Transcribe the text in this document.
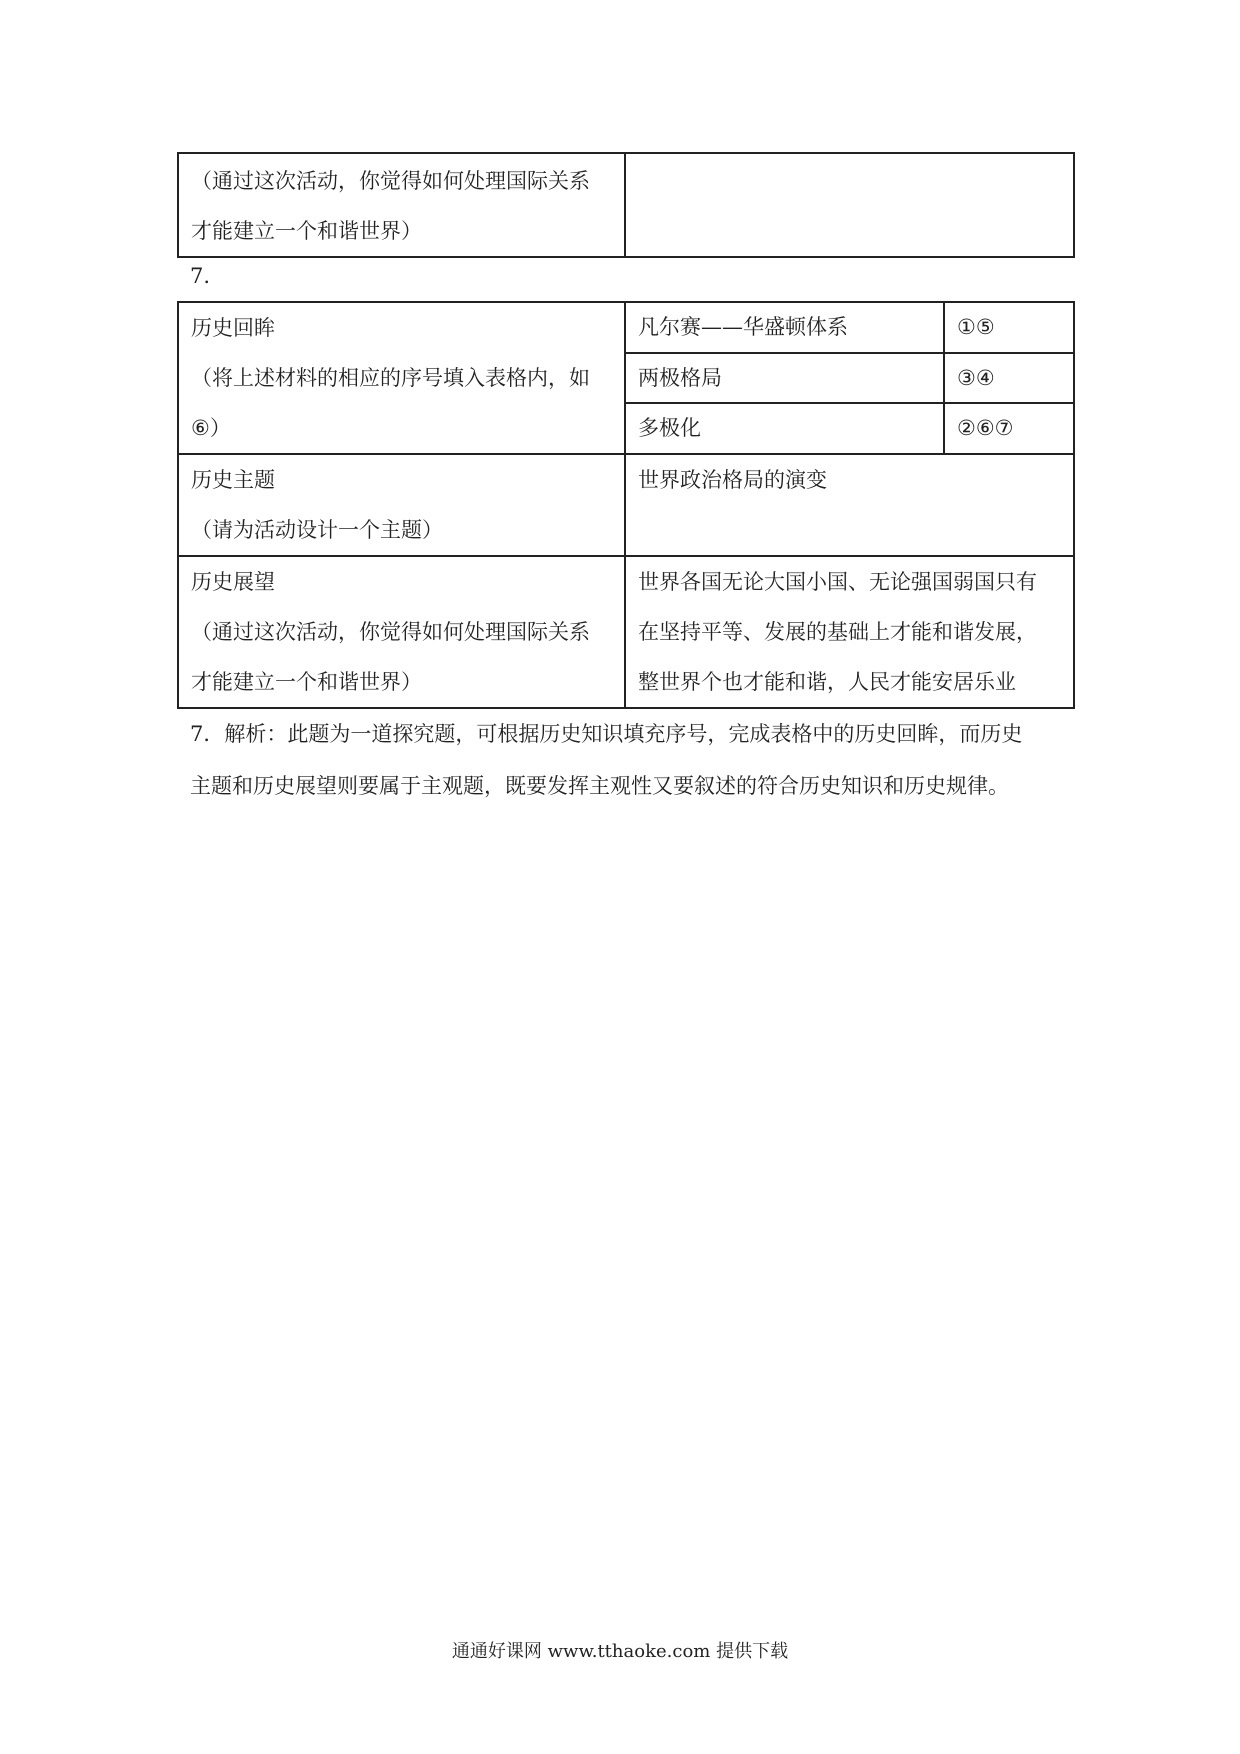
（通过这次活动，你觉得如何处理国际关系
才能建立一个和谐世界）

7.
历史回眸
（将上述材料的相应的序号填入表格内，如
⑥）	凡尔赛——华盛顿体系	①⑤
	两极格局	③④
	多极化	②⑥⑦

历史主题
（请为活动设计一个主题）	世界政治格局的演变	

历史展望
（通过这次活动，你觉得如何处理国际关系
才能建立一个和谐世界）	世界各国无论大国小国、无论强国弱国只有
在坚持平等、发展的基础上才能和谐发展，
整世界个也才能和谐，人民才能安居乐业	
7．解析：此题为一道探究题，可根据历史知识填充序号，完成表格中的历史回眸，而历史
主题和历史展望则要属于主观题，既要发挥主观性又要叙述的符合历史知识和历史规律。
通通好课网 www.tthaoke.com 提供下载
